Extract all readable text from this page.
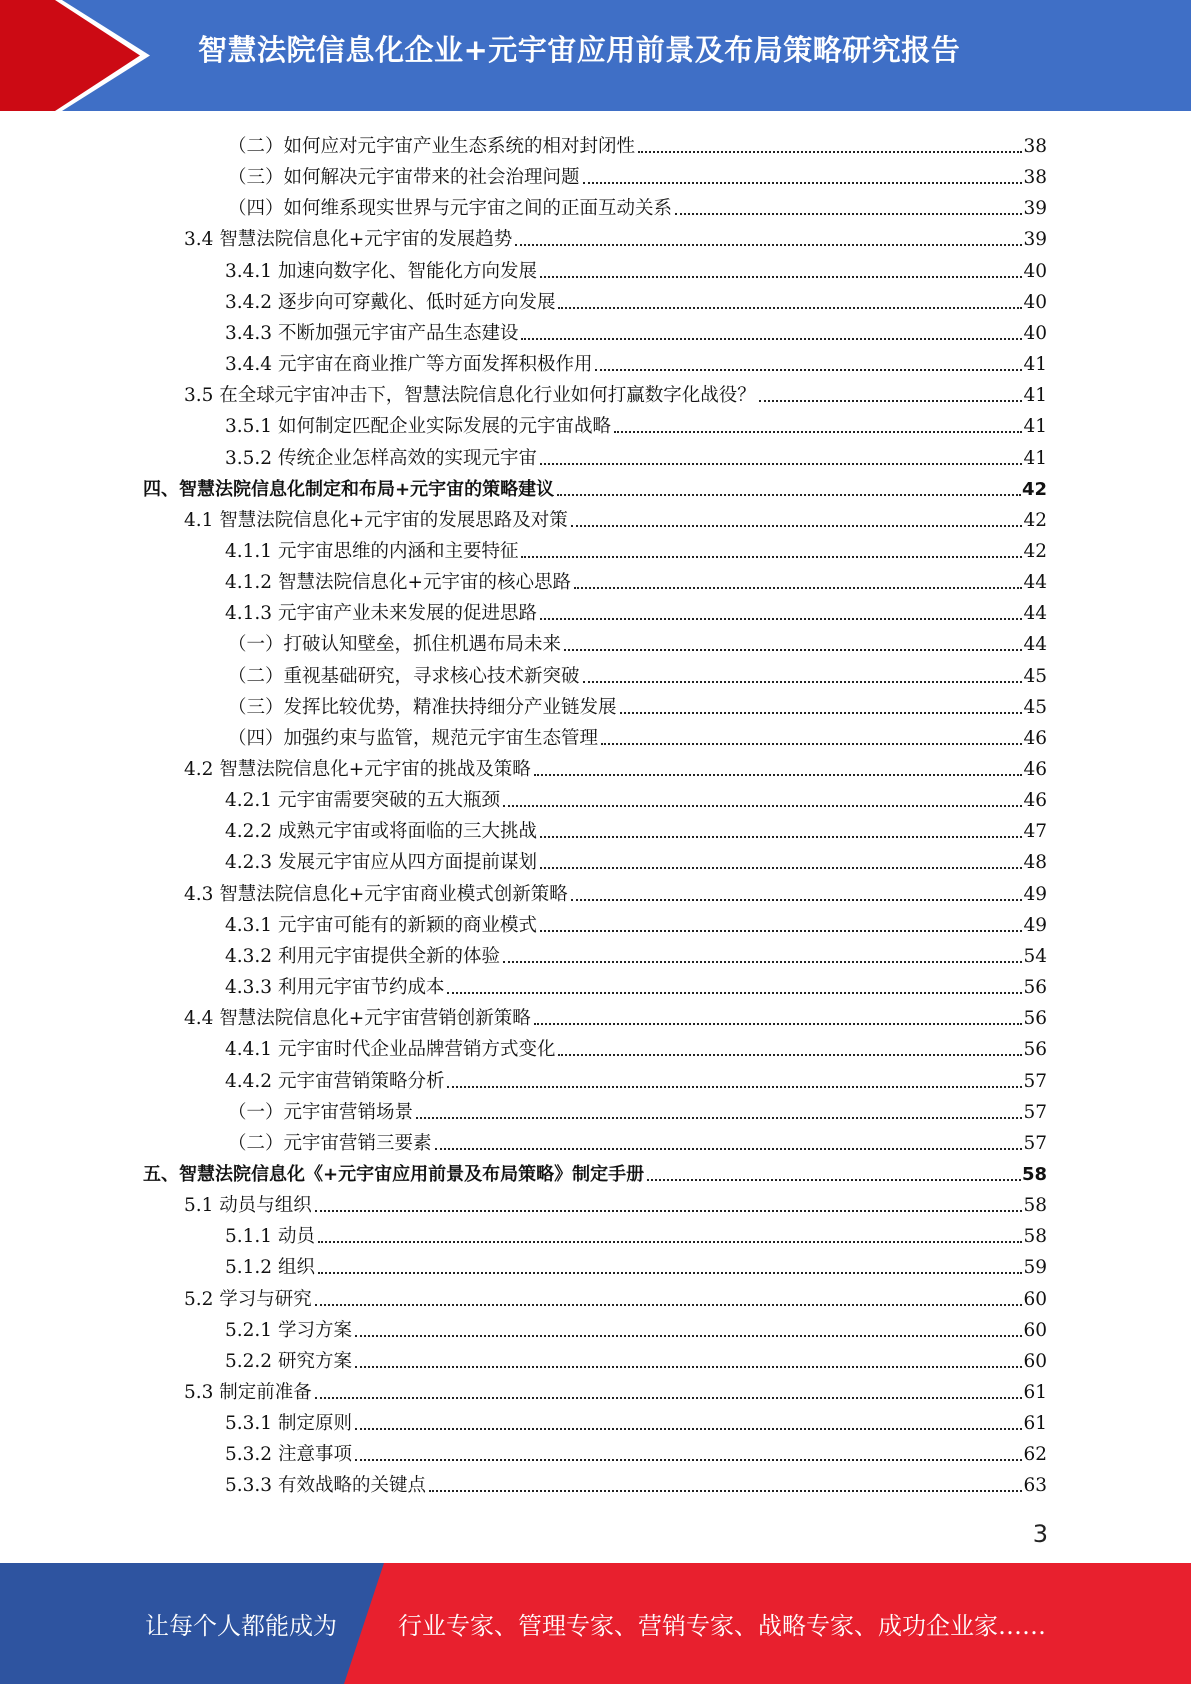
智慧法院信息化企业+元宇宙应用前景及布局策略研究报告
（二）如何应对元宇宙产业生态系统的相对封闭性	38
（三）如何解决元宇宙带来的社会治理问题	38
（四）如何维系现实世界与元宇宙之间的正面互动关系	39
3.4 智慧法院信息化+元宇宙的发展趋势	39
3.4.1 加速向数字化、智能化方向发展	40
3.4.2 逐步向可穿戴化、低时延方向发展	40
3.4.3 不断加强元宇宙产品生态建设	40
3.4.4 元宇宙在商业推广等方面发挥积极作用	41
3.5 在全球元宇宙冲击下，智慧法院信息化行业如何打赢数字化战役？	41
3.5.1 如何制定匹配企业实际发展的元宇宙战略	41
3.5.2 传统企业怎样高效的实现元宇宙	41
四、智慧法院信息化制定和布局+元宇宙的策略建议	42
4.1 智慧法院信息化+元宇宙的发展思路及对策	42
4.1.1 元宇宙思维的内涵和主要特征	42
4.1.2 智慧法院信息化+元宇宙的核心思路	44
4.1.3 元宇宙产业未来发展的促进思路	44
（一）打破认知壁垒，抓住机遇布局未来	44
（二）重视基础研究，寻求核心技术新突破	45
（三）发挥比较优势，精准扶持细分产业链发展	45
（四）加强约束与监管，规范元宇宙生态管理	46
4.2 智慧法院信息化+元宇宙的挑战及策略	46
4.2.1 元宇宙需要突破的五大瓶颈	46
4.2.2 成熟元宇宙或将面临的三大挑战	47
4.2.3 发展元宇宙应从四方面提前谋划	48
4.3 智慧法院信息化+元宇宙商业模式创新策略	49
4.3.1 元宇宙可能有的新颖的商业模式	49
4.3.2 利用元宇宙提供全新的体验	54
4.3.3 利用元宇宙节约成本	56
4.4 智慧法院信息化+元宇宙营销创新策略	56
4.4.1 元宇宙时代企业品牌营销方式变化	56
4.4.2 元宇宙营销策略分析	57
（一）元宇宙营销场景	57
（二）元宇宙营销三要素	57
五、智慧法院信息化《+元宇宙应用前景及布局策略》制定手册	58
5.1 动员与组织	58
5.1.1 动员	58
5.1.2 组织	59
5.2 学习与研究	60
5.2.1 学习方案	60
5.2.2 研究方案	60
5.3 制定前准备	61
5.3.1 制定原则	61
5.3.2 注意事项	62
5.3.3 有效战略的关键点	63
3
让每个人都能成为	行业专家、管理专家、营销专家、战略专家、成功企业家……
